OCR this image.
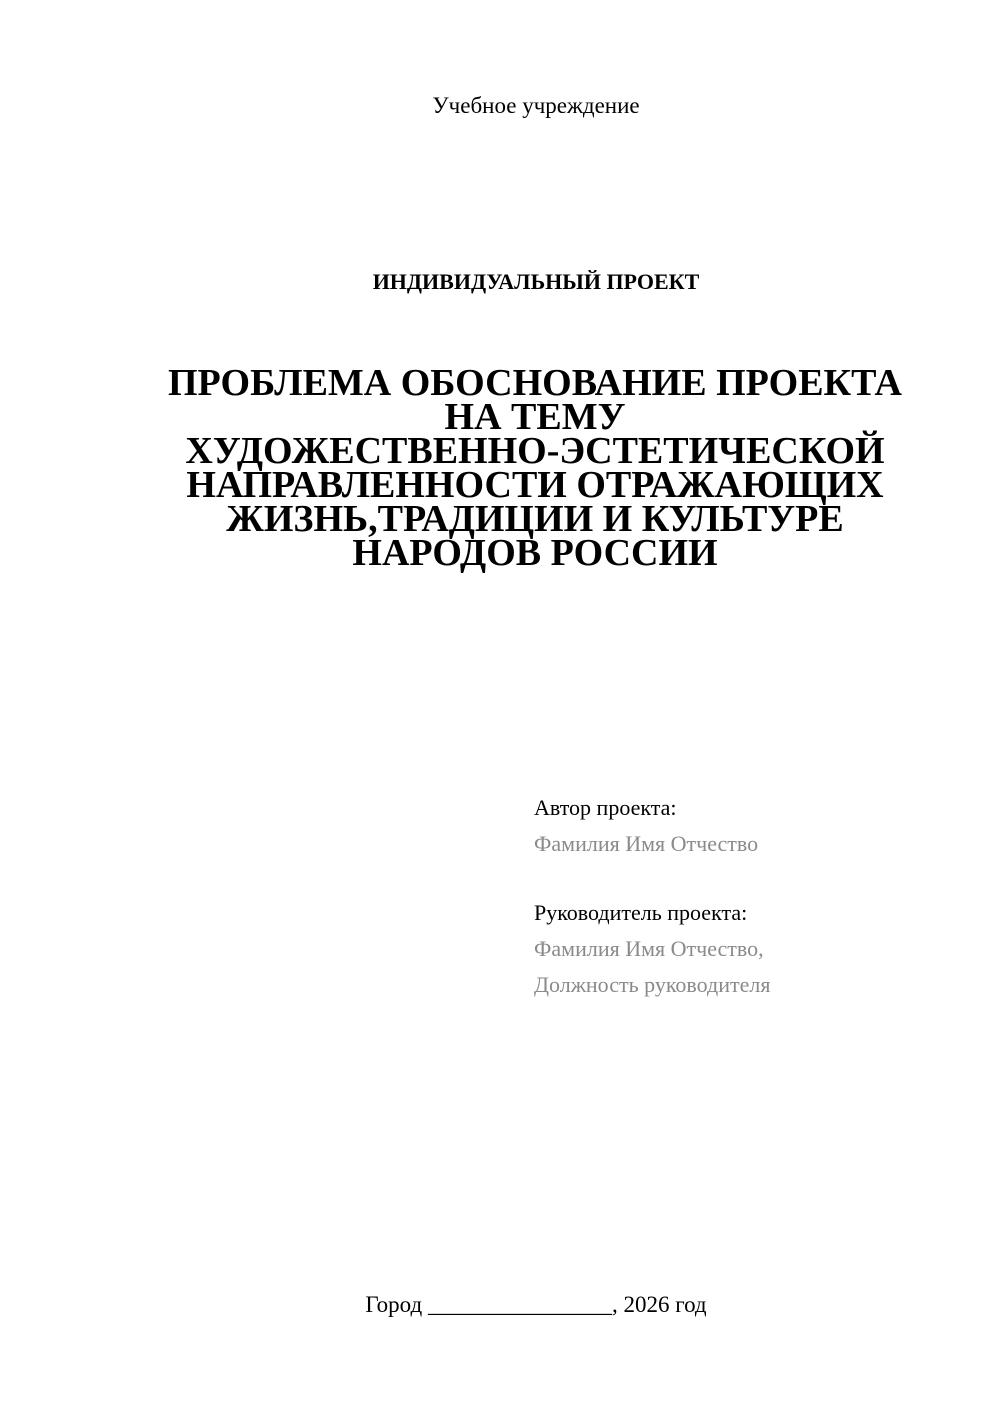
Учебное учреждение
ИНДИВИДУАЛЬНЫЙ ПРОЕКТ
ПРОБЛЕМА ОБОСНОВАНИЕ ПРОЕКТА
НА ТЕМУ
ХУДОЖЕСТВЕННО-ЭСТЕТИЧЕСКОЙ
НАПРАВЛЕННОСТИ ОТРАЖАЮЩИХ
ЖИЗНЬ,ТРАДИЦИИ И КУЛЬТУРЕ
НАРОДОВ РОССИИ
Автор проекта:
Фамилия Имя Отчество
Руководитель проекта:
Фамилия Имя Отчество,
Должность руководителя
Город ________________, 2026 год
